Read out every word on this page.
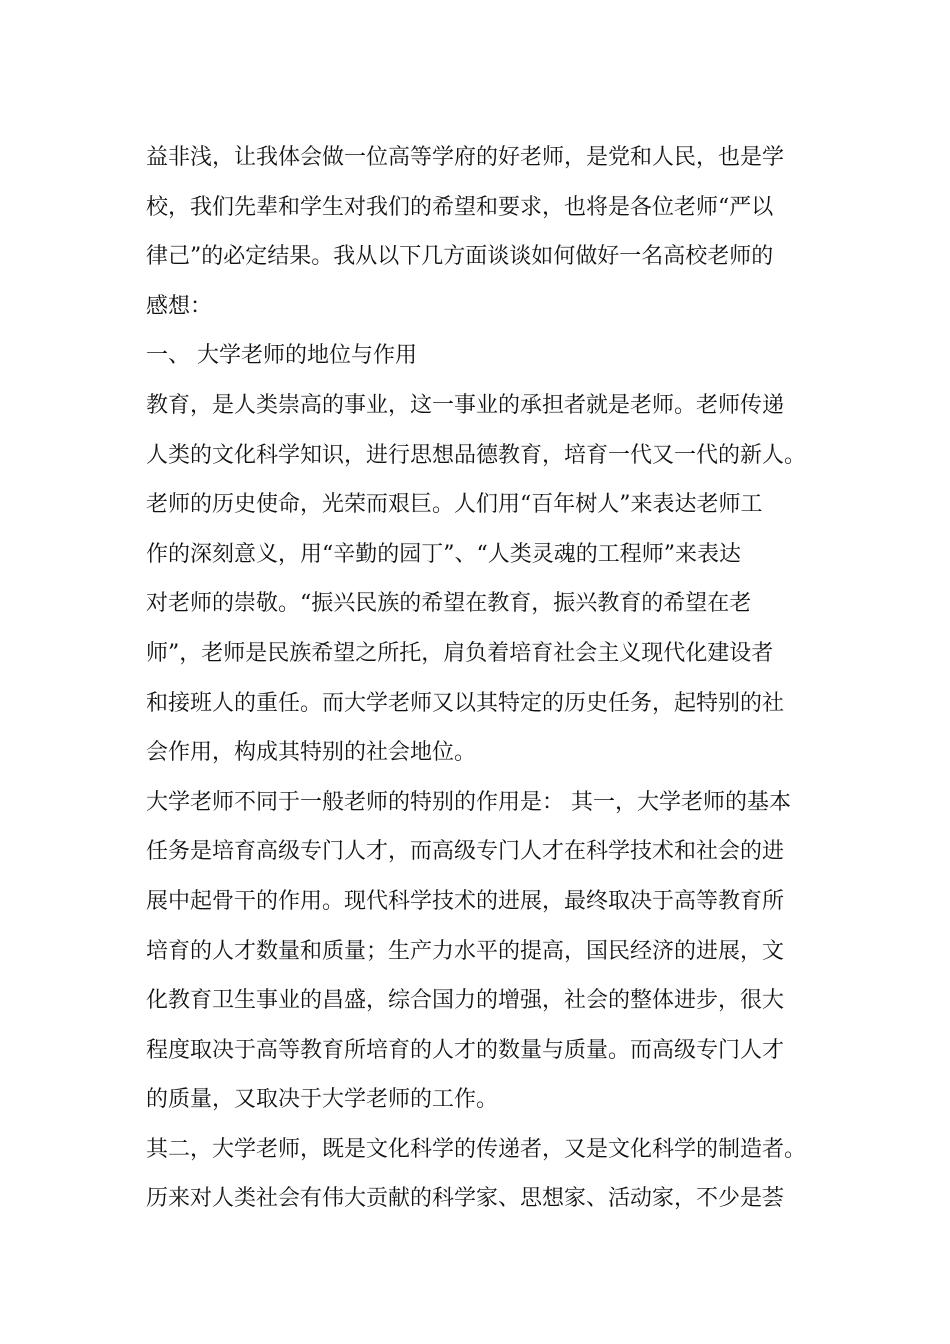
益非浅，让我体会做一位高等学府的好老师，是党和人民，也是学
校，我们先辈和学生对我们的希望和要求，也将是各位老师“严以
律己”的必定结果。我从以下几方面谈谈如何做好一名高校老师的
感想：
一、 大学老师的地位与作用
教育，是人类崇高的事业，这一事业的承担者就是老师。老师传递
人类的文化科学知识，进行思想品德教育，培育一代又一代的新人。
老师的历史使命，光荣而艰巨。人们用“百年树人”来表达老师工
作的深刻意义，用“辛勤的园丁”、“人类灵魂的工程师”来表达
对老师的崇敬。“振兴民族的希望在教育，振兴教育的希望在老
师”，老师是民族希望之所托，肩负着培育社会主义现代化建设者
和接班人的重任。而大学老师又以其特定的历史任务，起特别的社
会作用，构成其特别的社会地位。
大学老师不同于一般老师的特别的作用是： 其一，大学老师的基本
任务是培育高级专门人才，而高级专门人才在科学技术和社会的进
展中起骨干的作用。现代科学技术的进展，最终取决于高等教育所
培育的人才数量和质量；生产力水平的提高，国民经济的进展，文
化教育卫生事业的昌盛，综合国力的增强，社会的整体进步，很大
程度取决于高等教育所培育的人才的数量与质量。而高级专门人才
的质量，又取决于大学老师的工作。
其二，大学老师，既是文化科学的传递者，又是文化科学的制造者。
历来对人类社会有伟大贡献的科学家、思想家、活动家，不少是荟
